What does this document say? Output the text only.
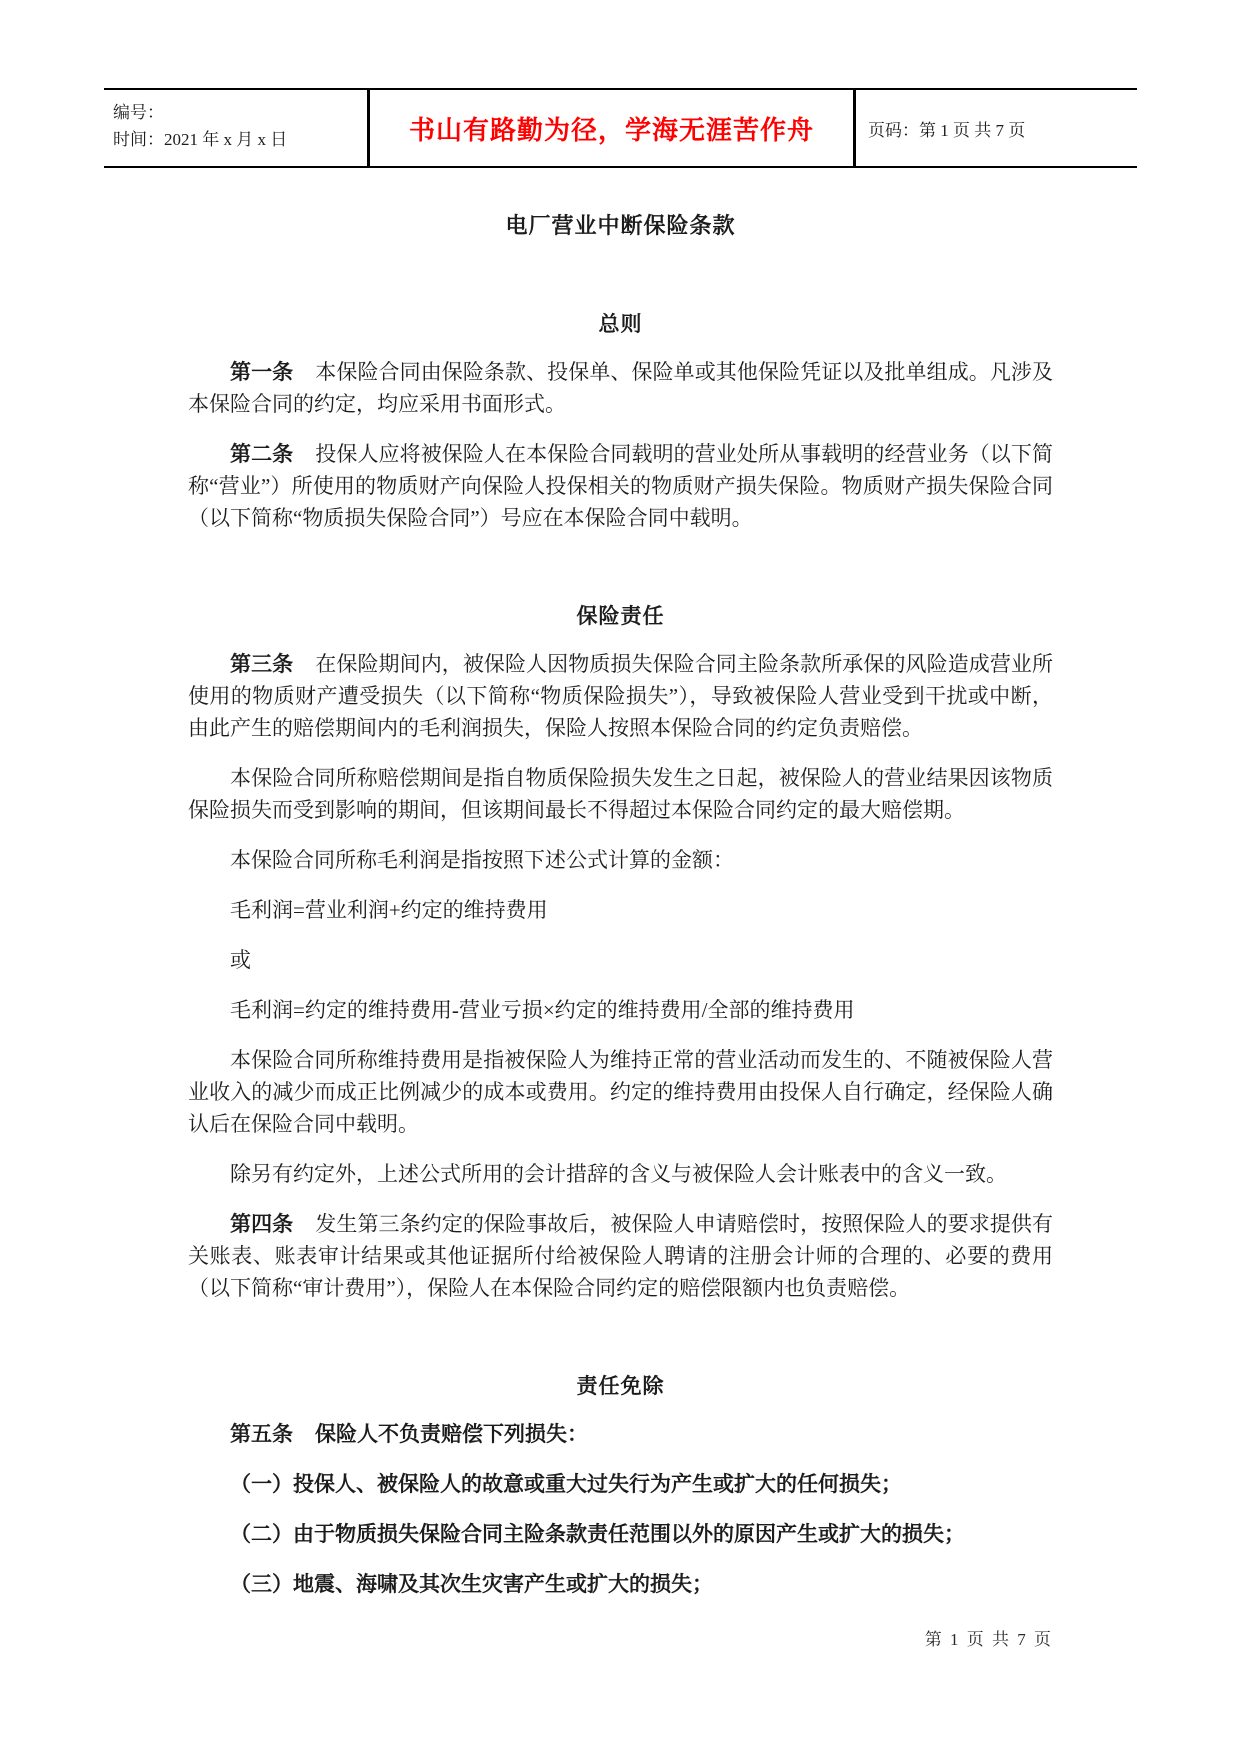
编号：
时间：2021 年 x 月 x 日	书山有路勤为径，学海无涯苦作舟	页码：第 1 页 共 7 页
电厂营业中断保险条款
总则

第一条 本保险合同由保险条款、投保单、保险单或其他保险凭证以及批单组成。凡涉及本保险合同的约定，均应采用书面形式。

第二条 投保人应将被保险人在本保险合同载明的营业处所从事载明的经营业务（以下简称“营业”）所使用的物质财产向保险人投保相关的物质财产损失保险。物质财产损失保险合同（以下简称“物质损失保险合同”）号应在本保险合同中载明。

保险责任

第三条 在保险期间内，被保险人因物质损失保险合同主险条款所承保的风险造成营业所使用的物质财产遭受损失（以下简称“物质保险损失”），导致被保险人营业受到干扰或中断，由此产生的赔偿期间内的毛利润损失，保险人按照本保险合同的约定负责赔偿。

本保险合同所称赔偿期间是指自物质保险损失发生之日起，被保险人的营业结果因该物质保险损失而受到影响的期间，但该期间最长不得超过本保险合同约定的最大赔偿期。

本保险合同所称毛利润是指按照下述公式计算的金额：

毛利润=营业利润+约定的维持费用

或

毛利润=约定的维持费用-营业亏损×约定的维持费用/全部的维持费用

本保险合同所称维持费用是指被保险人为维持正常的营业活动而发生的、不随被保险人营业收入的减少而成正比例减少的成本或费用。约定的维持费用由投保人自行确定，经保险人确认后在保险合同中载明。

除另有约定外，上述公式所用的会计措辞的含义与被保险人会计账表中的含义一致。

第四条 发生第三条约定的保险事故后，被保险人申请赔偿时，按照保险人的要求提供有关账表、账表审计结果或其他证据所付给被保险人聘请的注册会计师的合理的、必要的费用（以下简称“审计费用”），保险人在本保险合同约定的赔偿限额内也负责赔偿。

责任免除

第五条 保险人不负责赔偿下列损失：

（一）投保人、被保险人的故意或重大过失行为产生或扩大的任何损失；

（二）由于物质损失保险合同主险条款责任范围以外的原因产生或扩大的损失；

（三）地震、海啸及其次生灾害产生或扩大的损失；

第 1 页 共 7 页
